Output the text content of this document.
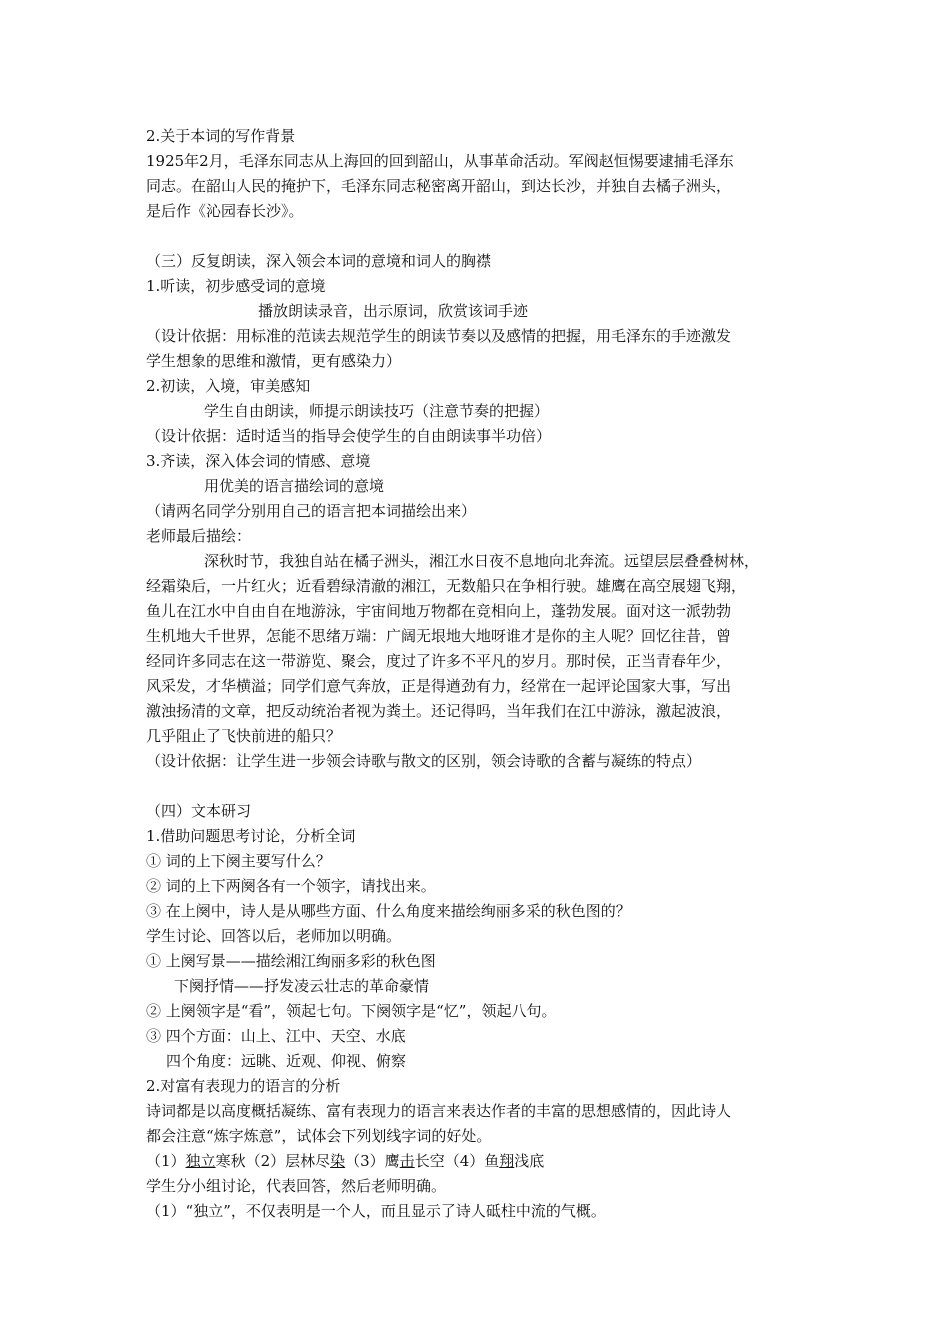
2.关于本词的写作背景
1925年2月，毛泽东同志从上海回的回到韶山，从事革命活动。军阀赵恒惕要逮捕毛泽东
同志。在韶山人民的掩护下，毛泽东同志秘密离开韶山，到达长沙，并独自去橘子洲头，
是后作《沁园春长沙》。
（三）反复朗读，深入领会本词的意境和词人的胸襟
1.听读，初步感受词的意境
播放朗读录音，出示原词，欣赏该词手迹
（设计依据：用标准的范读去规范学生的朗读节奏以及感情的把握，用毛泽东的手迹激发
学生想象的思维和激情，更有感染力）
2.初读，入境，审美感知
学生自由朗读，师提示朗读技巧（注意节奏的把握）
（设计依据：适时适当的指导会使学生的自由朗读事半功倍）
3.齐读，深入体会词的情感、意境
用优美的语言描绘词的意境
（请两名同学分别用自己的语言把本词描绘出来）
老师最后描绘：
深秋时节，我独自站在橘子洲头，湘江水日夜不息地向北奔流。远望层层叠叠树林，
经霜染后，一片红火；近看碧绿清澈的湘江，无数船只在争相行驶。雄鹰在高空展翅飞翔，
鱼儿在江水中自由自在地游泳，宇宙间地万物都在竞相向上，蓬勃发展。面对这一派勃勃
生机地大千世界，怎能不思绪万端：广阔无垠地大地呀谁才是你的主人呢？回忆往昔，曾
经同许多同志在这一带游览、聚会，度过了许多不平凡的岁月。那时侯，正当青春年少，
风采发，才华横溢；同学们意气奔放，正是得遒劲有力，经常在一起评论国家大事，写出
激浊扬清的文章，把反动统治者视为粪土。还记得吗，当年我们在江中游泳，激起波浪，
几乎阻止了飞快前进的船只？
（设计依据：让学生进一步领会诗歌与散文的区别，领会诗歌的含蓄与凝练的特点）
（四）文本研习
1.借助问题思考讨论，分析全词
① 词的上下阕主要写什么？
② 词的上下两阕各有一个领字，请找出来。
③ 在上阕中，诗人是从哪些方面、什么角度来描绘绚丽多采的秋色图的？
学生讨论、回答以后，老师加以明确。
① 上阕写景——描绘湘江绚丽多彩的秋色图
下阕抒情——抒发凌云壮志的革命豪情
② 上阕领字是“看”，领起七句。下阕领字是“忆”，领起八句。
③ 四个方面：山上、江中、天空、水底
四个角度：远眺、近观、仰视、俯察
2.对富有表现力的语言的分析
诗词都是以高度概括凝练、富有表现力的语言来表达作者的丰富的思想感情的，因此诗人
都会注意“炼字炼意”，试体会下列划线字词的好处。
（1）独立寒秋（2）层林尽染（3）鹰击长空（4）鱼翔浅底
学生分小组讨论，代表回答，然后老师明确。
（1）“独立”，不仅表明是一个人，而且显示了诗人砥柱中流的气概。
